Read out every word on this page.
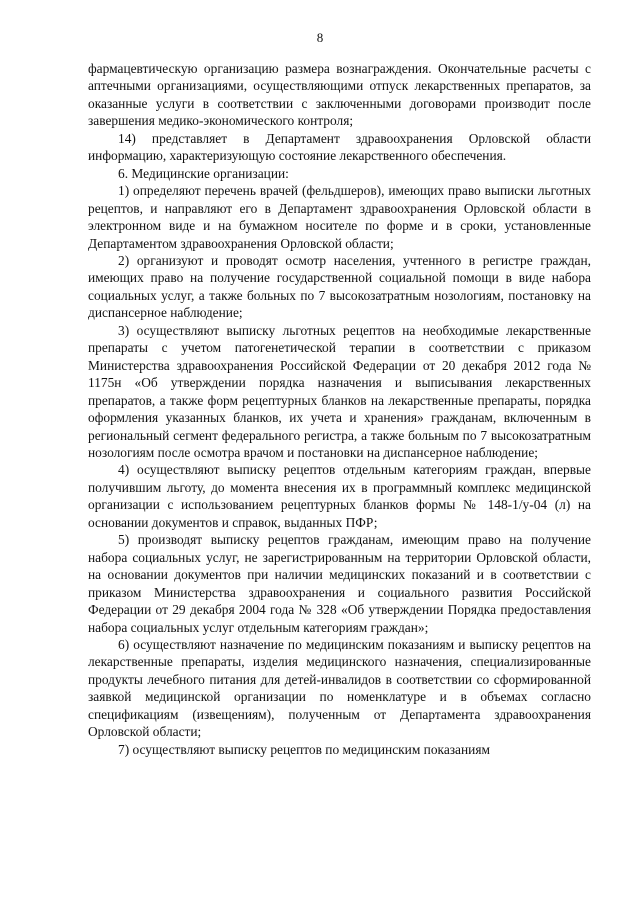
8

фармацевтическую организацию размера вознаграждения. Окончательные расчеты с аптечными организациями, осуществляющими отпуск лекарственных препаратов, за оказанные услуги в соответствии с заключенными договорами производит после завершения медико-экономического контроля;

14) представляет в Департамент здравоохранения Орловской области информацию, характеризующую состояние лекарственного обеспечения.

6. Медицинские организации:

1) определяют перечень врачей (фельдшеров), имеющих право выписки льготных рецептов, и направляют его в Департамент здравоохранения Орловской области в электронном виде и на бумажном носителе по форме и в сроки, установленные Департаментом здравоохранения Орловской области;

2) организуют и проводят осмотр населения, учтенного в регистре граждан, имеющих право на получение государственной социальной помощи в виде набора социальных услуг, а также больных по 7 высокозатратным нозологиям, постановку на диспансерное наблюдение;

3) осуществляют выписку льготных рецептов на необходимые лекарственные препараты с учетом патогенетической терапии в соответствии с приказом Министерства здравоохранения Российской Федерации от 20 декабря 2012 года № 1175н «Об утверждении порядка назначения и выписывания лекарственных препаратов, а также форм рецептурных бланков на лекарственные препараты, порядка оформления указанных бланков, их учета и хранения» гражданам, включенным в региональный сегмент федерального регистра, а также больным по 7 высокозатратным нозологиям после осмотра врачом и постановки на диспансерное наблюдение;

4) осуществляют выписку рецептов отдельным категориям граждан, впервые получившим льготу, до момента внесения их в программный комплекс медицинской организации с использованием рецептурных бланков формы № 148-1/у-04 (л) на основании документов и справок, выданных ПФР;

5) производят выписку рецептов гражданам, имеющим право на получение набора социальных услуг, не зарегистрированным на территории Орловской области, на основании документов при наличии медицинских показаний и в соответствии с приказом Министерства здравоохранения и социального развития Российской Федерации от 29 декабря 2004 года № 328 «Об утверждении Порядка предоставления набора социальных услуг отдельным категориям граждан»;

6) осуществляют назначение по медицинским показаниям и выписку рецептов на лекарственные препараты, изделия медицинского назначения, специализированные продукты лечебного питания для детей-инвалидов в соответствии со сформированной заявкой медицинской организации по номенклатуре и в объемах согласно спецификациям (извещениям), полученным от Департамента здравоохранения Орловской области;

7) осуществляют выписку рецептов по медицинским показаниям
